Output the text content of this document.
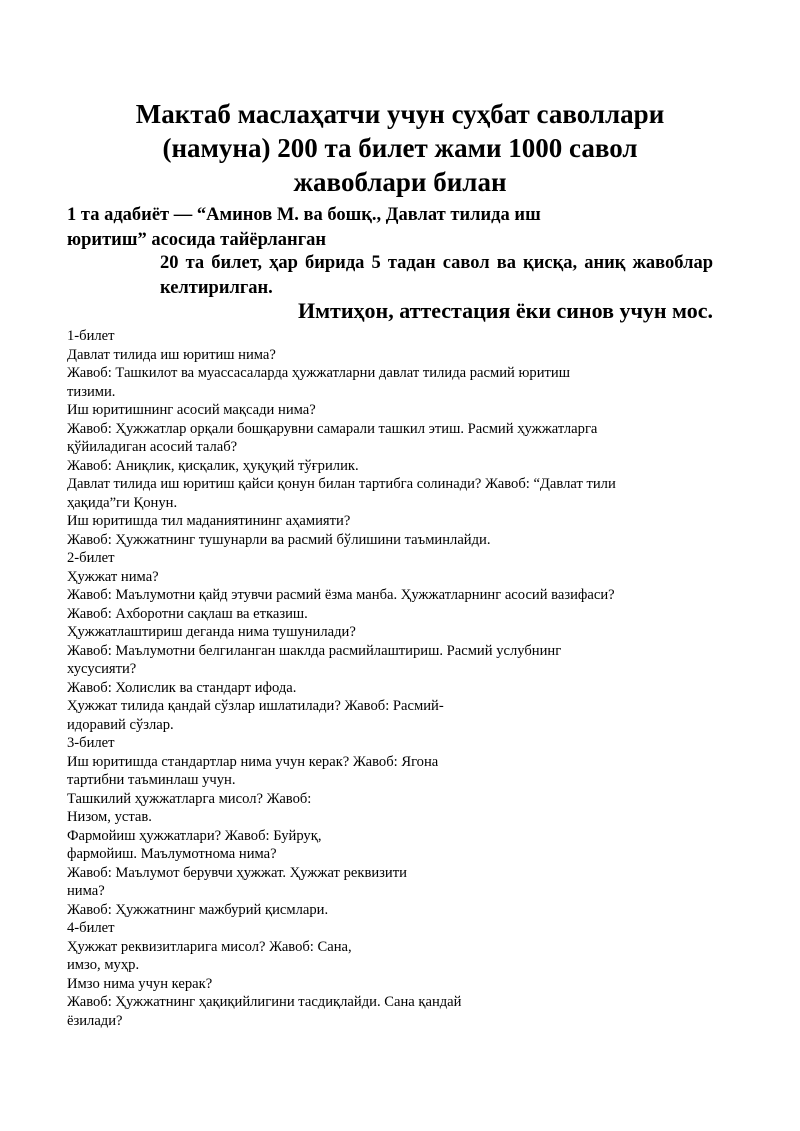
Мактаб маслаҳатчи учун суҳбат саволлари
(намуна) 200 та билет жами 1000 савол
жавоблари билан

1 та адабиёт — “Аминов М. ва бошқ., Давлат тилида иш
юритиш” асосида тайёрланган

20 та билет, ҳар бирида 5 тадан савол ва қисқа, аниқ жавоблар келтирилган.

Имтиҳон, аттестация ёки синов учун мос.

1-билет
Давлат тилида иш юритиш нима?
Жавоб: Ташкилот ва муассасаларда ҳужжатларни давлат тилида расмий юритиш
тизими.
Иш юритишнинг асосий мақсади нима?
Жавоб: Ҳужжатлар орқали бошқарувни самарали ташкил этиш. Расмий ҳужжатларга
қўйиладиган асосий талаб?
Жавоб: Аниқлик, қисқалик, ҳуқуқий тўғрилик.
Давлат тилида иш юритиш қайси қонун билан тартибга солинади? Жавоб: “Давлат тили
ҳақида”ги Қонун.
Иш юритишда тил маданиятининг аҳамияти?
Жавоб: Ҳужжатнинг тушунарли ва расмий бўлишини таъминлайди.
2-билет
Ҳужжат нима?
Жавоб: Маълумотни қайд этувчи расмий ёзма манба. Ҳужжатларнинг асосий вазифаси?
Жавоб: Ахборотни сақлаш ва етказиш.
Ҳужжатлаштириш деганда нима тушунилади?
Жавоб: Маълумотни белгиланган шаклда расмийлаштириш. Расмий услубнинг
хусусияти?
Жавоб: Холислик ва стандарт ифода.
Ҳужжат тилида қандай сўзлар ишлатилади? Жавоб: Расмий-
идоравий сўзлар.
3-билет
Иш юритишда стандартлар нима учун керак? Жавоб: Ягона
тартибни таъминлаш учун.
Ташкилий ҳужжатларга мисол? Жавоб:
Низом, устав.
Фармойиш ҳужжатлари? Жавоб: Буйруқ,
фармойиш. Маълумотнома нима?
Жавоб: Маълумот берувчи ҳужжат. Ҳужжат реквизити
нима?
Жавоб: Ҳужжатнинг мажбурий қисмлари.
4-билет
Ҳужжат реквизитларига мисол? Жавоб: Сана,
имзо, муҳр.
Имзо нима учун керак?
Жавоб: Ҳужжатнинг ҳақиқийлигини тасдиқлайди. Сана қандай
ёзилади?
